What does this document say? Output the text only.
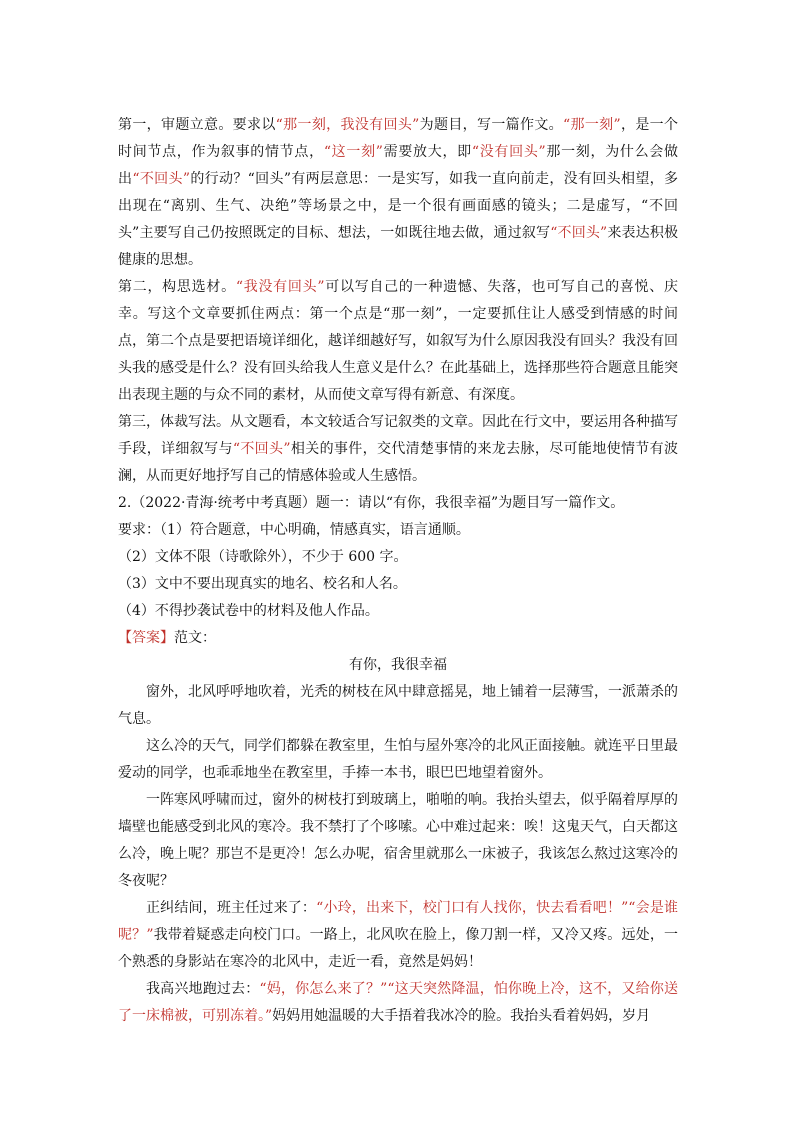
第一，审题立意。要求以“那一刻，我没有回头”为题目，写一篇作文。“那一刻”，是一个时间节点，作为叙事的情节点，“这一刻”需要放大，即“没有回头”那一刻，为什么会做出“不回头”的行动？“回头”有两层意思：一是实写，如我一直向前走，没有回头相望，多出现在“离别、生气、决绝”等场景之中，是一个很有画面感的镜头；二是虚写，“不回头”主要写自己仍按照既定的目标、想法，一如既往地去做，通过叙写“不回头”来表达积极健康的思想。

第二，构思选材。“我没有回头”可以写自己的一种遗憾、失落，也可写自己的喜悦、庆幸。写这个文章要抓住两点：第一个点是“那一刻”，一定要抓住让人感受到情感的时间点，第二个点是要把语境详细化，越详细越好写，如叙写为什么原因我没有回头？我没有回头我的感受是什么？没有回头给我人生意义是什么？在此基础上，选择那些符合题意且能突出表现主题的与众不同的素材，从而使文章写得有新意、有深度。

第三，体裁写法。从文题看，本文较适合写记叙类的文章。因此在行文中，要运用各种描写手段，详细叙写与“不回头”相关的事件，交代清楚事情的来龙去脉，尽可能地使情节有波澜，从而更好地抒写自己的情感体验或人生感悟。

2.（2022·青海·统考中考真题）题一：请以“有你，我很幸福”为题目写一篇作文。

要求：（1）符合题意，中心明确，情感真实，语言通顺。

（2）文体不限（诗歌除外），不少于 600 字。

（3）文中不要出现真实的地名、校名和人名。

（4）不得抄袭试卷中的材料及他人作品。

【答案】范文：

有你，我很幸福

窗外，北风呼呼地吹着，光秃的树枝在风中肆意摇晃，地上铺着一层薄雪，一派萧杀的气息。

这么冷的天气，同学们都躲在教室里，生怕与屋外寒冷的北风正面接触。就连平日里最爱动的同学，也乖乖地坐在教室里，手捧一本书，眼巴巴地望着窗外。

一阵寒风呼啸而过，窗外的树枝打到玻璃上，啪啪的响。我抬头望去，似乎隔着厚厚的墙壁也能感受到北风的寒冷。我不禁打了个哆嗦。心中难过起来：唉！这鬼天气，白天都这么冷，晚上呢？那岂不是更冷！怎么办呢，宿舍里就那么一床被子，我该怎么熬过这寒冷的冬夜呢？

正纠结间，班主任过来了：“小玲，出来下，校门口有人找你，快去看看吧！”“会是谁呢？”我带着疑惑走向校门口。一路上，北风吹在脸上，像刀割一样，又冷又疼。远处，一个熟悉的身影站在寒冷的北风中，走近一看，竟然是妈妈！

我高兴地跑过去：“妈，你怎么来了？”“这天突然降温，怕你晚上冷，这不，又给你送了一床棉被，可别冻着。”妈妈用她温暖的大手捂着我冰冷的脸。我抬头看着妈妈，岁月
